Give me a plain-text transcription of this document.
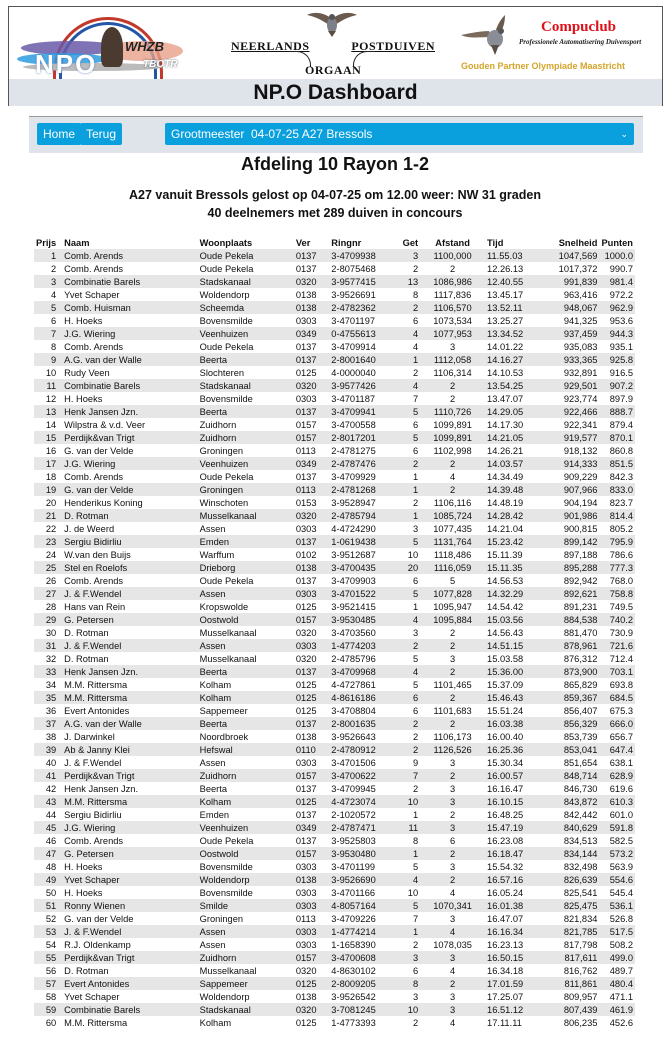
NPO
WHZB
TBOTR
NEERLANDS	POSTDUIVEN
ORGAAN
Compuclub
Professionele Automatisering Duivensport
Gouden Partner Olympiade Maastricht
NP.O Dashboard
Home Terug	Grootmeester 04-07-25 A27 Bressols	⌄
Afdeling 10 Rayon 1-2
A27 vanuit Bressols gelost op 04-07-25 om 12.00 weer: NW 31 graden
40 deelnemers met 289 duiven in concours
Prijs	Naam	Woonplaats	Ver	Ringnr	Get	Afstand	Tijd	Snelheid	Punten
1	Comb. Arends	Oude Pekela	0137	3-4709938	3	1100,000	11.55.03	1047,569	1000.0
2	Comb. Arends	Oude Pekela	0137	2-8075468	2	2	12.26.13	1017,372	990.7
3	Combinatie Barels	Stadskanaal	0320	3-9577415	13	1086,986	12.40.55	991,839	981.4
4	Yvet Schaper	Woldendorp	0138	3-9526691	8	1117,836	13.45.17	963,416	972.2
5	Comb. Huisman	Scheemda	0138	2-4782362	2	1106,570	13.52.11	948,067	962.9
6	H. Hoeks	Bovensmilde	0303	3-4701197	6	1073,534	13.25.27	941,325	953.6
7	J.G. Wiering	Veenhuizen	0349	0-4755613	4	1077,953	13.34.52	937,459	944.3
8	Comb. Arends	Oude Pekela	0137	3-4709914	4	3	14.01.22	935,083	935.1
9	A.G. van der Walle	Beerta	0137	2-8001640	1	1112,058	14.16.27	933,365	925.8
10	Rudy Veen	Slochteren	0125	4-0000040	2	1106,314	14.10.53	932,891	916.5
11	Combinatie Barels	Stadskanaal	0320	3-9577426	4	2	13.54.25	929,501	907.2
12	H. Hoeks	Bovensmilde	0303	3-4701187	7	2	13.47.07	923,774	897.9
13	Henk Jansen Jzn.	Beerta	0137	3-4709941	5	1110,726	14.29.05	922,466	888.7
14	Wilpstra & v.d. Veer	Zuidhorn	0157	3-4700558	6	1099,891	14.17.30	922,341	879.4
15	Perdijk&van Trigt	Zuidhorn	0157	2-8017201	5	1099,891	14.21.05	919,577	870.1
16	G. van der Velde	Groningen	0113	2-4781275	6	1102,998	14.26.21	918,132	860.8
17	J.G. Wiering	Veenhuizen	0349	2-4787476	2	2	14.03.57	914,333	851.5
18	Comb. Arends	Oude Pekela	0137	3-4709929	1	4	14.34.49	909,229	842.3
19	G. van der Velde	Groningen	0113	2-4781268	1	2	14.39.48	907,966	833.0
20	Henderikus Koning	Winschoten	0153	3-9528947	2	1106,116	14.48.19	904,194	823.7
21	D. Rotman	Musselkanaal	0320	2-4785794	1	1085,724	14.28.42	901,986	814.4
22	J. de Weerd	Assen	0303	4-4724290	3	1077,435	14.21.04	900,815	805.2
23	Sergiu Bidirliu	Emden	0137	1-0619438	5	1131,764	15.23.42	899,142	795.9
24	W.van den Buijs	Warffum	0102	3-9512687	10	1118,486	15.11.39	897,188	786.6
25	Stel en Roelofs	Drieborg	0138	3-4700435	20	1116,059	15.11.35	895,288	777.3
26	Comb. Arends	Oude Pekela	0137	3-4709903	6	5	14.56.53	892,942	768.0
27	J. & F.Wendel	Assen	0303	3-4701522	5	1077,828	14.32.29	892,621	758.8
28	Hans van Rein	Kropswolde	0125	3-9521415	1	1095,947	14.54.42	891,231	749.5
29	G. Petersen	Oostwold	0157	3-9530485	4	1095,884	15.03.56	884,538	740.2
30	D. Rotman	Musselkanaal	0320	3-4703560	3	2	14.56.43	881,470	730.9
31	J. & F.Wendel	Assen	0303	1-4774203	2	2	14.51.15	878,961	721.6
32	D. Rotman	Musselkanaal	0320	2-4785796	5	3	15.03.58	876,312	712.4
33	Henk Jansen Jzn.	Beerta	0137	3-4709968	4	2	15.36.00	873,900	703.1
34	M.M. Rittersma	Kolham	0125	4-4727861	5	1101,465	15.37.09	865,829	693.8
35	M.M. Rittersma	Kolham	0125	4-8616186	6	2	15.46.43	859,367	684.5
36	Evert Antonides	Sappemeer	0125	3-4708804	6	1101,683	15.51.24	856,407	675.3
37	A.G. van der Walle	Beerta	0137	2-8001635	2	2	16.03.38	856,329	666.0
38	J. Darwinkel	Noordbroek	0138	3-9526643	2	1106,173	16.00.40	853,739	656.7
39	Ab & Janny Klei	Hefswal	0110	2-4780912	2	1126,526	16.25.36	853,041	647.4
40	J. & F.Wendel	Assen	0303	3-4701506	9	3	15.30.34	851,654	638.1
41	Perdijk&van Trigt	Zuidhorn	0157	3-4700622	7	2	16.00.57	848,714	628.9
42	Henk Jansen Jzn.	Beerta	0137	3-4709945	2	3	16.16.47	846,730	619.6
43	M.M. Rittersma	Kolham	0125	4-4723074	10	3	16.10.15	843,872	610.3
44	Sergiu Bidirliu	Emden	0137	2-1020572	1	2	16.48.25	842,442	601.0
45	J.G. Wiering	Veenhuizen	0349	2-4787471	11	3	15.47.19	840,629	591.8
46	Comb. Arends	Oude Pekela	0137	3-9525803	8	6	16.23.08	834,513	582.5
47	G. Petersen	Oostwold	0157	3-9530480	1	2	16.18.47	834,144	573.2
48	H. Hoeks	Bovensmilde	0303	3-4701199	5	3	15.54.32	832,498	563.9
49	Yvet Schaper	Woldendorp	0138	3-9526690	4	2	16.57.16	826,639	554.6
50	H. Hoeks	Bovensmilde	0303	3-4701166	10	4	16.05.24	825,541	545.4
51	Ronny Wienen	Smilde	0303	4-8057164	5	1070,341	16.01.38	825,475	536.1
52	G. van der Velde	Groningen	0113	3-4709226	7	3	16.47.07	821,834	526.8
53	J. & F.Wendel	Assen	0303	1-4774214	1	4	16.16.34	821,785	517.5
54	R.J. Oldenkamp	Assen	0303	1-1658390	2	1078,035	16.23.13	817,798	508.2
55	Perdijk&van Trigt	Zuidhorn	0157	3-4700608	3	3	16.50.15	817,611	499.0
56	D. Rotman	Musselkanaal	0320	4-8630102	6	4	16.34.18	816,762	489.7
57	Evert Antonides	Sappemeer	0125	2-8009205	8	2	17.01.59	811,861	480.4
58	Yvet Schaper	Woldendorp	0138	3-9526542	3	3	17.25.07	809,957	471.1
59	Combinatie Barels	Stadskanaal	0320	3-7081245	10	3	16.51.12	807,439	461.9
60	M.M. Rittersma	Kolham	0125	1-4773393	2	4	17.11.11	806,235	452.6
